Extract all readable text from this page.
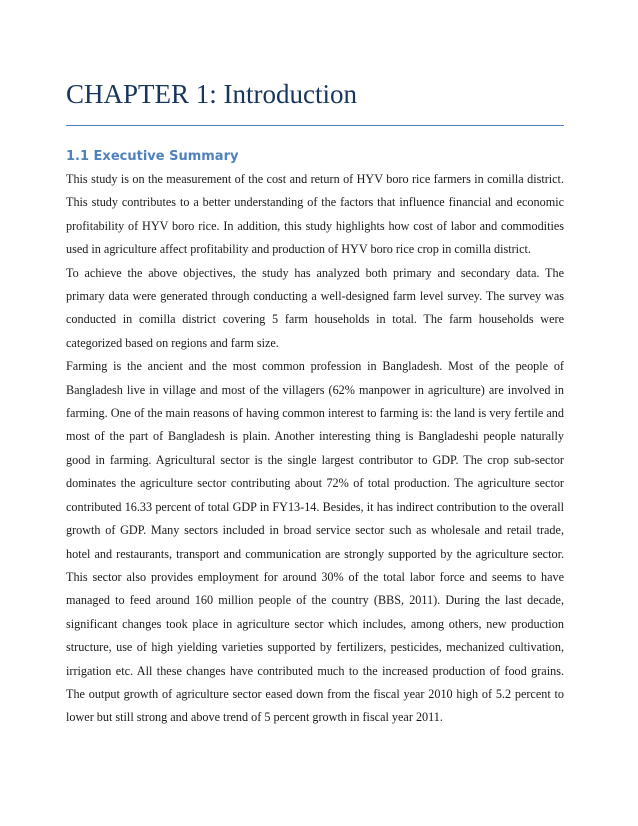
CHAPTER 1: Introduction
1.1 Executive Summary

This study is on the measurement of the cost and return of HYV boro rice farmers in comilla district. This study contributes to a better understanding of the factors that influence financial and economic profitability of HYV boro rice. In addition, this study highlights how cost of labor and commodities used in agriculture affect profitability and production of HYV boro rice crop in comilla district.

To achieve the above objectives, the study has analyzed both primary and secondary data. The primary data were generated through conducting a well-designed farm level survey. The survey was conducted in comilla district covering 5 farm households in total. The farm households were categorized based on regions and farm size.

Farming is the ancient and the most common profession in Bangladesh. Most of the people of Bangladesh live in village and most of the villagers (62% manpower in agriculture) are involved in farming. One of the main reasons of having common interest to farming is: the land is very fertile and most of the part of Bangladesh is plain. Another interesting thing is Bangladeshi people naturally good in farming. Agricultural sector is the single largest contributor to GDP. The crop sub-sector dominates the agriculture sector contributing about 72% of total production. The agriculture sector contributed 16.33 percent of total GDP in FY13-14. Besides, it has indirect contribution to the overall growth of GDP. Many sectors included in broad service sector such as wholesale and retail trade, hotel and restaurants, transport and communication are strongly supported by the agriculture sector. This sector also provides employment for around 30% of the total labor force and seems to have managed to feed around 160 million people of the country (BBS, 2011). During the last decade, significant changes took place in agriculture sector which includes, among others, new production structure, use of high yielding varieties supported by fertilizers, pesticides, mechanized cultivation, irrigation etc. All these changes have contributed much to the increased production of food grains. The output growth of agriculture sector eased down from the fiscal year 2010 high of 5.2 percent to lower but still strong and above trend of 5 percent growth in fiscal year 2011.
